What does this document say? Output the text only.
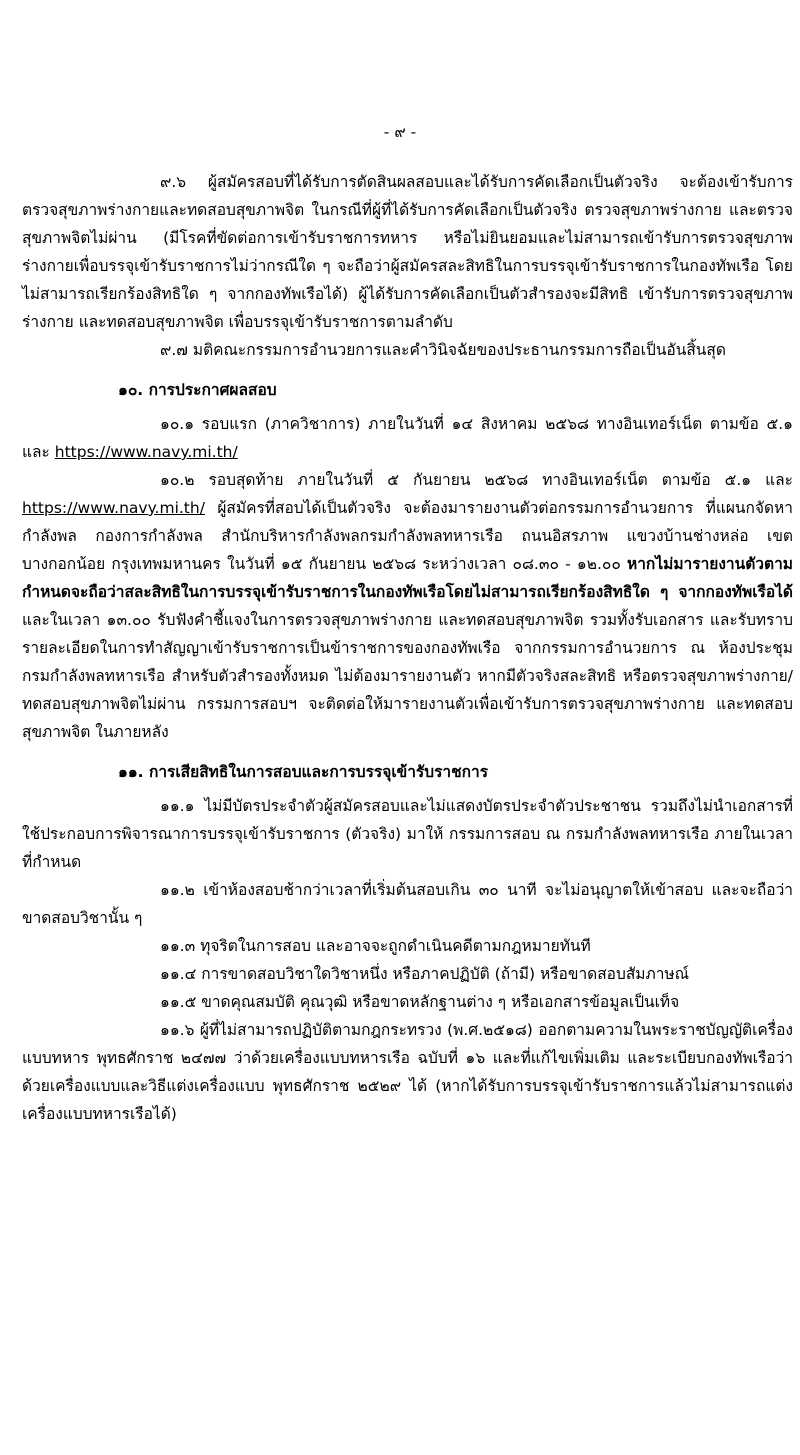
- ๙ -

๙.๖ ผู้สมัครสอบที่ได้รับการตัดสินผลสอบและได้รับการคัดเลือกเป็นตัวจริง จะต้องเข้ารับการตรวจสุขภาพร่างกายและทดสอบสุขภาพจิต ในกรณีที่ผู้ที่ได้รับการคัดเลือกเป็นตัวจริง ตรวจสุขภาพร่างกาย และตรวจสุขภาพจิตไม่ผ่าน (มีโรคที่ขัดต่อการเข้ารับราชการทหาร หรือไม่ยินยอมและไม่สามารถเข้ารับการตรวจสุขภาพร่างกายเพื่อบรรจุเข้ารับราชการไม่ว่ากรณีใด ๆ จะถือว่าผู้สมัครสละสิทธิในการบรรจุเข้ารับราชการในกองทัพเรือ โดยไม่สามารถเรียกร้องสิทธิใด ๆ จากกองทัพเรือได้) ผู้ได้รับการคัดเลือกเป็นตัวสำรองจะมีสิทธิ เข้ารับการตรวจสุขภาพร่างกาย และทดสอบสุขภาพจิต เพื่อบรรจุเข้ารับราชการตามลำดับ

๙.๗ มติคณะกรรมการอำนวยการและคำวินิจฉัยของประธานกรรมการถือเป็นอันสิ้นสุด

๑๐. การประกาศผลสอบ

๑๐.๑ รอบแรก (ภาควิชาการ) ภายในวันที่ ๑๔ สิงหาคม ๒๕๖๘ ทางอินเทอร์เน็ต ตามข้อ ๕.๑ และ https://www.navy.mi.th/

๑๐.๒ รอบสุดท้าย ภายในวันที่ ๕ กันยายน ๒๕๖๘ ทางอินเทอร์เน็ต ตามข้อ ๕.๑ และ https://www.navy.mi.th/ ผู้สมัครที่สอบได้เป็นตัวจริง จะต้องมารายงานตัวต่อกรรมการอำนวยการ ที่แผนกจัดหากำลังพล กองการกำลังพล สำนักบริหารกำลังพลกรมกำลังพลทหารเรือ ถนนอิสรภาพ แขวงบ้านช่างหล่อ เขตบางกอกน้อย กรุงเทพมหานคร ในวันที่ ๑๕ กันยายน ๒๕๖๘ ระหว่างเวลา ๐๘.๓๐ - ๑๒.๐๐ หากไม่มารายงานตัวตามกำหนดจะถือว่าสละสิทธิในการบรรจุเข้ารับราชการในกองทัพเรือโดยไม่สามารถเรียกร้องสิทธิใด ๆ จากกองทัพเรือได้ และในเวลา ๑๓.๐๐ รับฟังคำชี้แจงในการตรวจสุขภาพร่างกาย และทดสอบสุขภาพจิต รวมทั้งรับเอกสาร และรับทราบรายละเอียดในการทำสัญญาเข้ารับราชการเป็นข้าราชการของกองทัพเรือ จากกรรมการอำนวยการ ณ ห้องประชุม กรมกำลังพลทหารเรือ สำหรับตัวสำรองทั้งหมด ไม่ต้องมารายงานตัว หากมีตัวจริงสละสิทธิ หรือตรวจสุขภาพร่างกาย/ทดสอบสุขภาพจิตไม่ผ่าน กรรมการสอบฯ จะติดต่อให้มารายงานตัวเพื่อเข้ารับการตรวจสุขภาพร่างกาย และทดสอบสุขภาพจิต ในภายหลัง

๑๑. การเสียสิทธิในการสอบและการบรรจุเข้ารับราชการ

๑๑.๑ ไม่มีบัตรประจำตัวผู้สมัครสอบและไม่แสดงบัตรประจำตัวประชาชน รวมถึงไม่นำเอกสารที่ใช้ประกอบการพิจารณาการบรรจุเข้ารับราชการ (ตัวจริง) มาให้ กรรมการสอบ ณ กรมกำลังพลทหารเรือ ภายในเวลาที่กำหนด

๑๑.๒ เข้าห้องสอบช้ากว่าเวลาที่เริ่มต้นสอบเกิน ๓๐ นาที จะไม่อนุญาตให้เข้าสอบ และจะถือว่าขาดสอบวิชานั้น ๆ

๑๑.๓ ทุจริตในการสอบ และอาจจะถูกดำเนินคดีตามกฎหมายทันที

๑๑.๔ การขาดสอบวิชาใดวิชาหนึ่ง หรือภาคปฏิบัติ (ถ้ามี) หรือขาดสอบสัมภาษณ์

๑๑.๕ ขาดคุณสมบัติ คุณวุฒิ หรือขาดหลักฐานต่าง ๆ หรือเอกสารข้อมูลเป็นเท็จ

๑๑.๖ ผู้ที่ไม่สามารถปฏิบัติตามกฎกระทรวง (พ.ศ.๒๕๑๘) ออกตามความในพระราชบัญญัติเครื่องแบบทหาร พุทธศักราช ๒๔๗๗ ว่าด้วยเครื่องแบบทหารเรือ ฉบับที่ ๑๖ และที่แก้ไขเพิ่มเติม และระเบียบกองทัพเรือว่าด้วยเครื่องแบบและวิธีแต่งเครื่องแบบ พุทธศักราช ๒๕๒๙ ได้ (หากได้รับการบรรจุเข้ารับราชการแล้วไม่สามารถแต่งเครื่องแบบทหารเรือได้)
